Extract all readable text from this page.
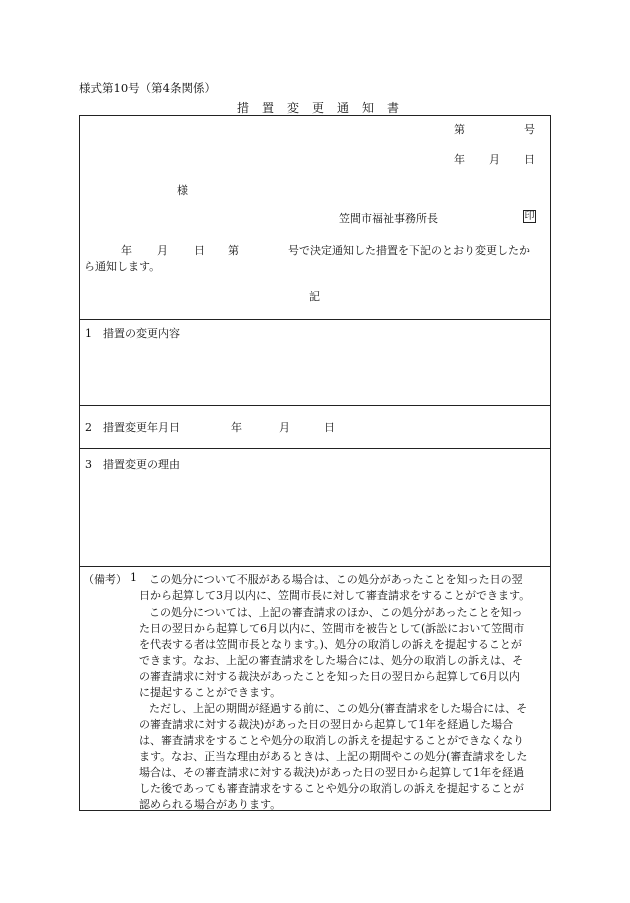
様式第10号（第4条関係）
措置変更通知書
第	号
年 月 日
様
笠間市福祉事務所長	印
年 月 日 第	号で決定通知した措置を下記のとおり変更したか
ら通知します。
記
1　措置の変更内容
2　措置変更年月日	年	月	日
3　措置変更の理由
（備考） 1 この処分について不服がある場合は、この処分があったことを知った日の翌
日から起算して3月以内に、笠間市長に対して審査請求をすることができます。
この処分については、上記の審査請求のほか、この処分があったことを知っ
た日の翌日から起算して6月以内に、笠間市を被告として(訴訟において笠間市
を代表する者は笠間市長となります。)、処分の取消しの訴えを提起することが
できます。なお、上記の審査請求をした場合には、処分の取消しの訴えは、そ
の審査請求に対する裁決があったことを知った日の翌日から起算して6月以内
に提起することができます。
ただし、上記の期間が経過する前に、この処分(審査請求をした場合には、そ
の審査請求に対する裁決)があった日の翌日から起算して1年を経過した場合
は、審査請求をすることや処分の取消しの訴えを提起することができなくなり
ます。なお、正当な理由があるときは、上記の期間やこの処分(審査請求をした
場合は、その審査請求に対する裁決)があった日の翌日から起算して1年を経過
した後であっても審査請求をすることや処分の取消しの訴えを提起することが
認められる場合があります。
